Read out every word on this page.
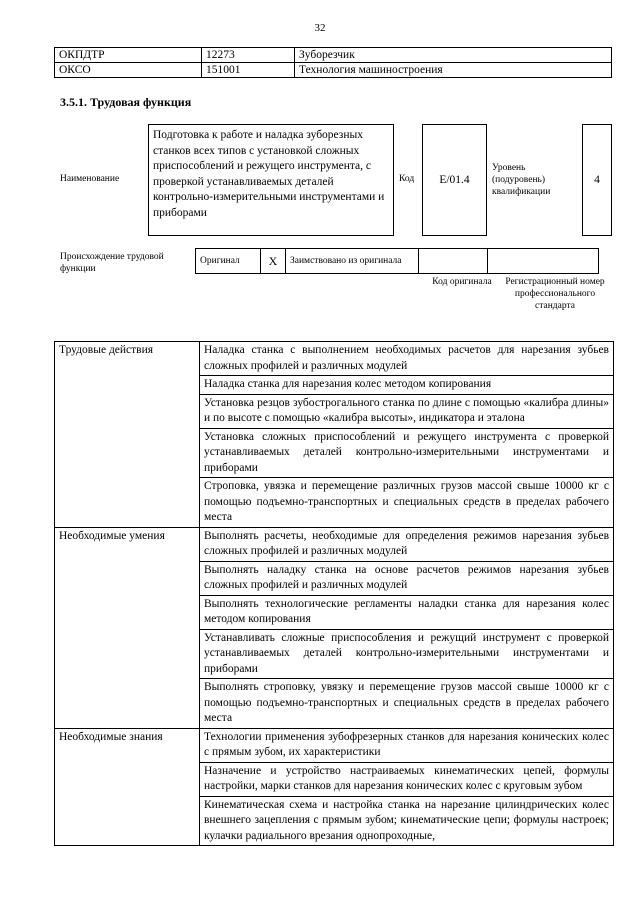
32
ОКПДТР	12273	Зуборезчик
ОКСО	151001	Технология машиностроения
3.5.1. Трудовая функция
Наименование
Подготовка к работе и наладка зуборезных станков всех типов с установкой сложных приспособлений и режущего инструмента, с проверкой устанавливаемых деталей контрольно-измерительными инструментами и приборами
Код	E/01.4
Уровень (подуровень) квалификации
4
Происхождение трудовой функции
Оригинал	X	Заимствовано из оригинала		
Код оригинала	Регистрационный номер профессионального стандарта
Трудовые действия	Наладка станка с выполнением необходимых расчетов для нарезания зубьев сложных профилей и различных модулей
	Наладка станка для нарезания колес методом копирования
	Установка резцов зубострогального станка по длине с помощью «калибра длины» и по высоте с помощью «калибра высоты», индикатора и эталона
	Установка сложных приспособлений и режущего инструмента с проверкой устанавливаемых деталей контрольно-измерительными инструментами и приборами
	Строповка, увязка и перемещение различных грузов массой свыше 10000 кг с помощью подъемно-транспортных и специальных средств в пределах рабочего места
Необходимые умения	Выполнять расчеты, необходимые для определения режимов нарезания зубьев сложных профилей и различных модулей
	Выполнять наладку станка на основе расчетов режимов нарезания зубьев сложных профилей и различных модулей
	Выполнять технологические регламенты наладки станка для нарезания колес методом копирования
	Устанавливать сложные приспособления и режущий инструмент с проверкой устанавливаемых деталей контрольно-измерительными инструментами и приборами
	Выполнять строповку, увязку и перемещение грузов массой свыше 10000 кг с помощью подъемно-транспортных и специальных средств в пределах рабочего места
Необходимые знания	Технологии применения зубофрезерных станков для нарезания конических колес с прямым зубом, их характеристики
	Назначение и устройство настраиваемых кинематических цепей, формулы настройки, марки станков для нарезания конических колес с круговым зубом
	Кинематическая схема и настройка станка на нарезание цилиндрических колес внешнего зацепления с прямым зубом; кинематические цепи; формулы настроек; кулачки радиального врезания однопроходные,
